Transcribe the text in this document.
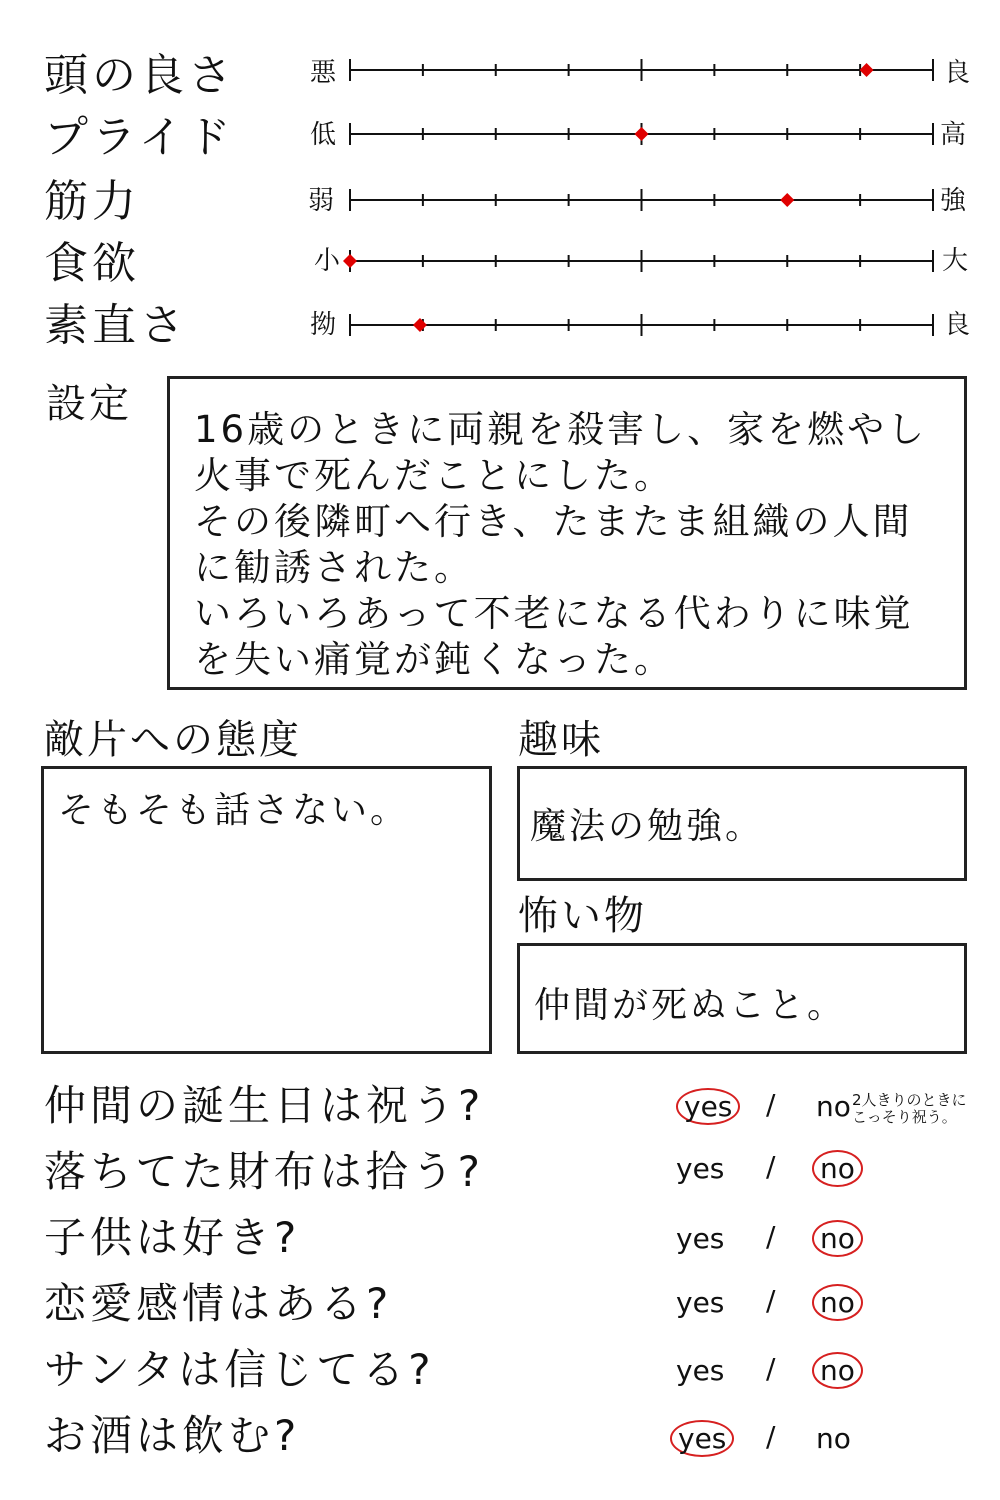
頭の良さ	悪	良
プライド	低	高
筋力	弱	強
食欲	小	大
素直さ	拗	良
設定
16歳のときに両親を殺害し、家を燃やし火事で死んだことにした。
その後隣町へ行き、たまたま組織の人間に勧誘された。
いろいろあって不老になる代わりに味覚を失い痛覚が鈍くなった。
敵片への態度
そもそも話さない。
趣味
魔法の勉強。
怖い物
仲間が死ぬこと。
仲間の誕生日は祝う?	yes / no 2人きりのときに
こっそり祝う。
落ちてた財布は拾う?	yes / no
子供は好き?	yes / no
恋愛感情はある?	yes / no
サンタは信じてる?	yes / no
お酒は飲む?	yes / no
